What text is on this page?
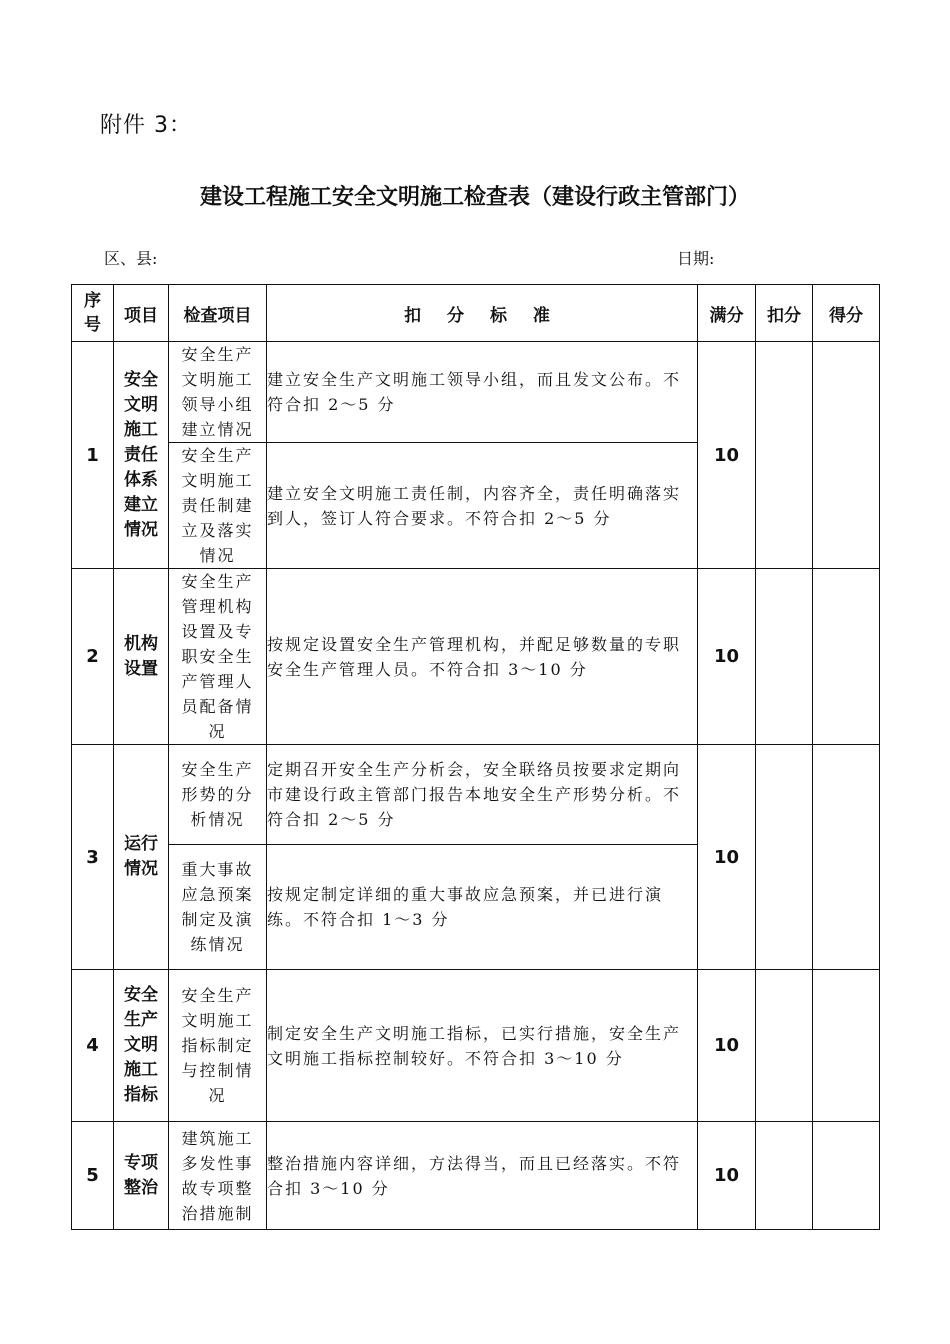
附件 3：
建设工程施工安全文明施工检查表（建设行政主管部门）
区、县:	日期:
序号	项目	检查项目	扣 分 标 准	满分	扣分	得分
1	安全文明施工责任体系建立情况	安全生产文明施工领导小组建立情况	建立安全生产文明施工领导小组，而且发文公布。不符合扣 2～5 分	10		
		安全生产文明施工责任制建立及落实情况	建立安全文明施工责任制，内容齐全，责任明确落实到人，签订人符合要求。不符合扣 2～5 分			
2	机构设置	安全生产管理机构设置及专职安全生产管理人员配备情况	按规定设置安全生产管理机构，并配足够数量的专职安全生产管理人员。不符合扣 3～10 分	10		
3	运行情况	安全生产形势的分析情况	定期召开安全生产分析会，安全联络员按要求定期向市建设行政主管部门报告本地安全生产形势分析。不符合扣 2～5 分	10		
		重大事故应急预案制定及演练情况	按规定制定详细的重大事故应急预案，并已进行演练。不符合扣 1～3 分			
4	安全生产文明施工指标	安全生产文明施工指标制定与控制情况	制定安全生产文明施工指标，已实行措施，安全生产文明施工指标控制较好。不符合扣 3～10 分	10		
5	专项整治	建筑施工多发性事故专项整治措施制	整治措施内容详细，方法得当，而且已经落实。不符合扣 3～10 分	10		
